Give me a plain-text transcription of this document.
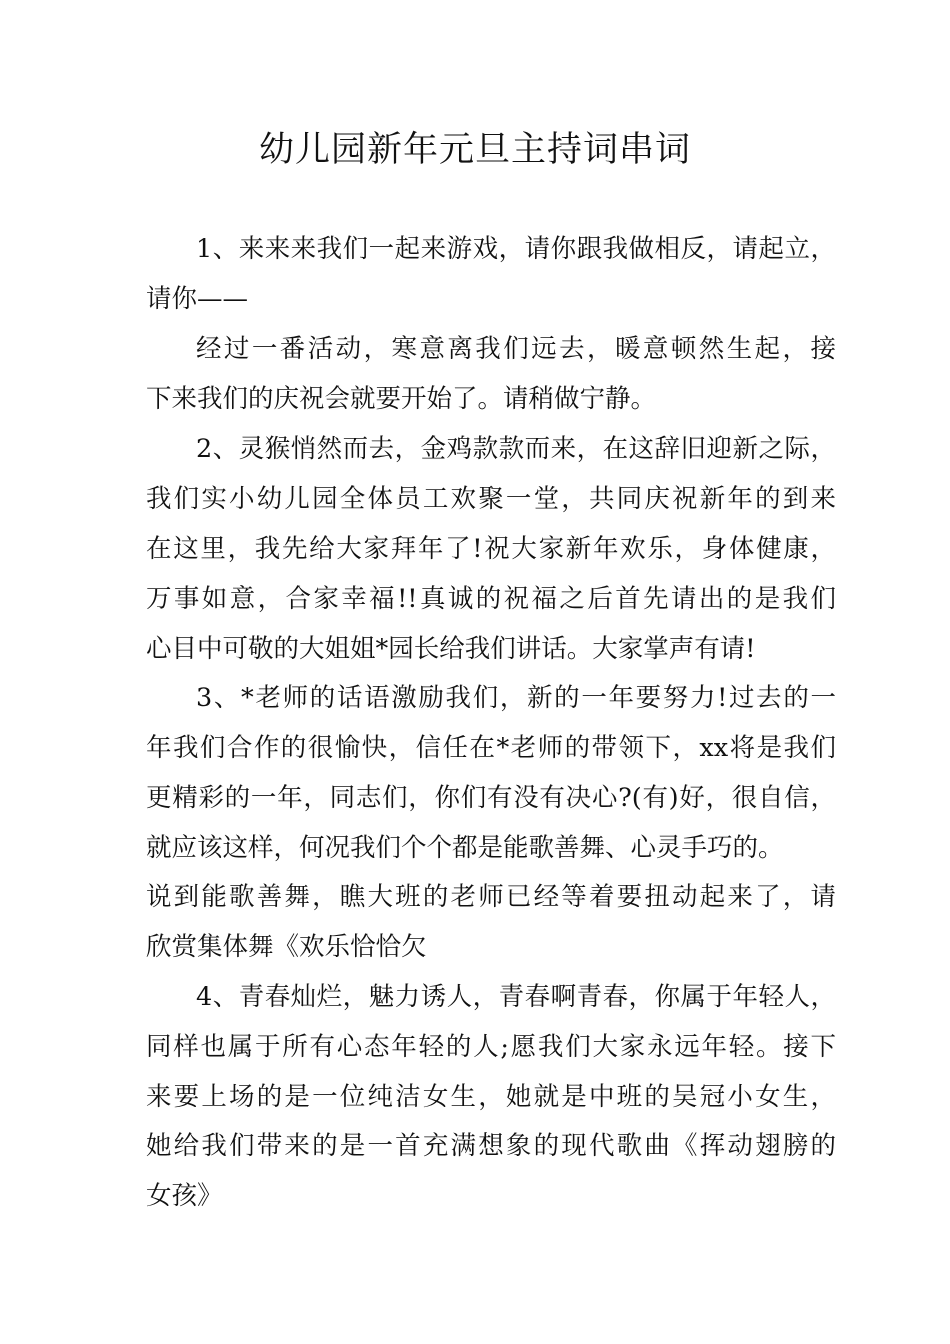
幼儿园新年元旦主持词串词
1、来来来我们一起来游戏，请你跟我做相反，请起立，
请你——
经过一番活动，寒意离我们远去，暖意顿然生起，接
下来我们的庆祝会就要开始了。请稍做宁静。
2、灵猴悄然而去，金鸡款款而来，在这辞旧迎新之际，
我们实小幼儿园全体员工欢聚一堂，共同庆祝新年的到来
在这里，我先给大家拜年了!祝大家新年欢乐，身体健康，
万事如意，合家幸福!!真诚的祝福之后首先请出的是我们
心目中可敬的大姐姐*园长给我们讲话。大家掌声有请!
3、*老师的话语激励我们，新的一年要努力!过去的一
年我们合作的很愉快，信任在*老师的带领下，xx将是我们
更精彩的一年，同志们，你们有没有决心?(有)好，很自信，
就应该这样，何况我们个个都是能歌善舞、心灵手巧的。
说到能歌善舞，瞧大班的老师已经等着要扭动起来了，请
欣赏集体舞《欢乐恰恰欠
4、青春灿烂，魅力诱人，青春啊青春，你属于年轻人，
同样也属于所有心态年轻的人;愿我们大家永远年轻。接下
来要上场的是一位纯洁女生，她就是中班的吴冠小女生，
她给我们带来的是一首充满想象的现代歌曲《挥动翅膀的
女孩》
